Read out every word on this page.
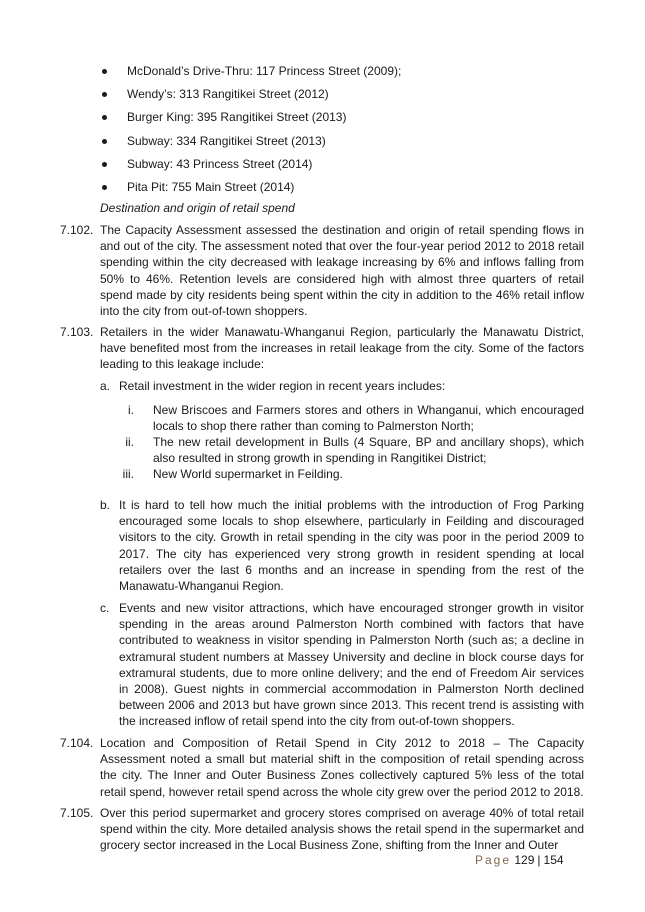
McDonald’s Drive-Thru: 117 Princess Street (2009);
Wendy’s: 313 Rangitikei Street (2012)
Burger King: 395 Rangitikei Street (2013)
Subway: 334 Rangitikei Street (2013)
Subway: 43 Princess Street (2014)
Pita Pit: 755 Main Street (2014)
Destination and origin of retail spend
7.102. The Capacity Assessment assessed the destination and origin of retail spending flows in and out of the city. The assessment noted that over the four-year period 2012 to 2018 retail spending within the city decreased with leakage increasing by 6% and inflows falling from 50% to 46%. Retention levels are considered high with almost three quarters of retail spend made by city residents being spent within the city in addition to the 46% retail inflow into the city from out-of-town shoppers.
7.103. Retailers in the wider Manawatu-Whanganui Region, particularly the Manawatu District, have benefited most from the increases in retail leakage from the city. Some of the factors leading to this leakage include:
a. Retail investment in the wider region in recent years includes:
i. New Briscoes and Farmers stores and others in Whanganui, which encouraged locals to shop there rather than coming to Palmerston North;
ii. The new retail development in Bulls (4 Square, BP and ancillary shops), which also resulted in strong growth in spending in Rangitikei District;
iii. New World supermarket in Feilding.
b. It is hard to tell how much the initial problems with the introduction of Frog Parking encouraged some locals to shop elsewhere, particularly in Feilding and discouraged visitors to the city. Growth in retail spending in the city was poor in the period 2009 to 2017. The city has experienced very strong growth in resident spending at local retailers over the last 6 months and an increase in spending from the rest of the Manawatu-Whanganui Region.
c. Events and new visitor attractions, which have encouraged stronger growth in visitor spending in the areas around Palmerston North combined with factors that have contributed to weakness in visitor spending in Palmerston North (such as; a decline in extramural student numbers at Massey University and decline in block course days for extramural students, due to more online delivery; and the end of Freedom Air services in 2008). Guest nights in commercial accommodation in Palmerston North declined between 2006 and 2013 but have grown since 2013. This recent trend is assisting with the increased inflow of retail spend into the city from out-of-town shoppers.
7.104. Location and Composition of Retail Spend in City 2012 to 2018 – The Capacity Assessment noted a small but material shift in the composition of retail spending across the city. The Inner and Outer Business Zones collectively captured 5% less of the total retail spend, however retail spend across the whole city grew over the period 2012 to 2018.
7.105. Over this period supermarket and grocery stores comprised on average 40% of total retail spend within the city. More detailed analysis shows the retail spend in the supermarket and grocery sector increased in the Local Business Zone, shifting from the Inner and Outer
Page 129 | 154
